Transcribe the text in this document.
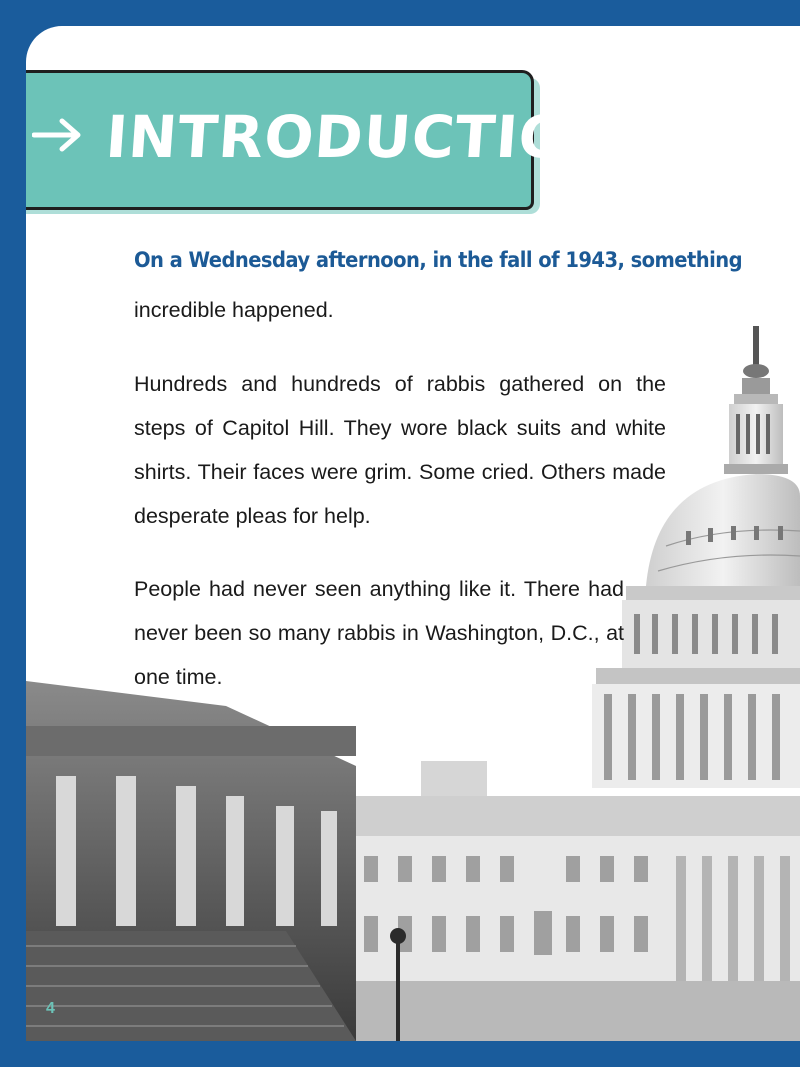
INTRODUCTION
On a Wednesday afternoon, in the fall of 1943, something
incredible happened.
Hundreds and hundreds of rabbis gathered on the steps of Capitol Hill. They wore black suits and white shirts. Their faces were grim. Some cried. Others made desperate pleas for help.
People had never seen anything like it. There had never been so many rabbis in Washington, D.C., at one time.
4
